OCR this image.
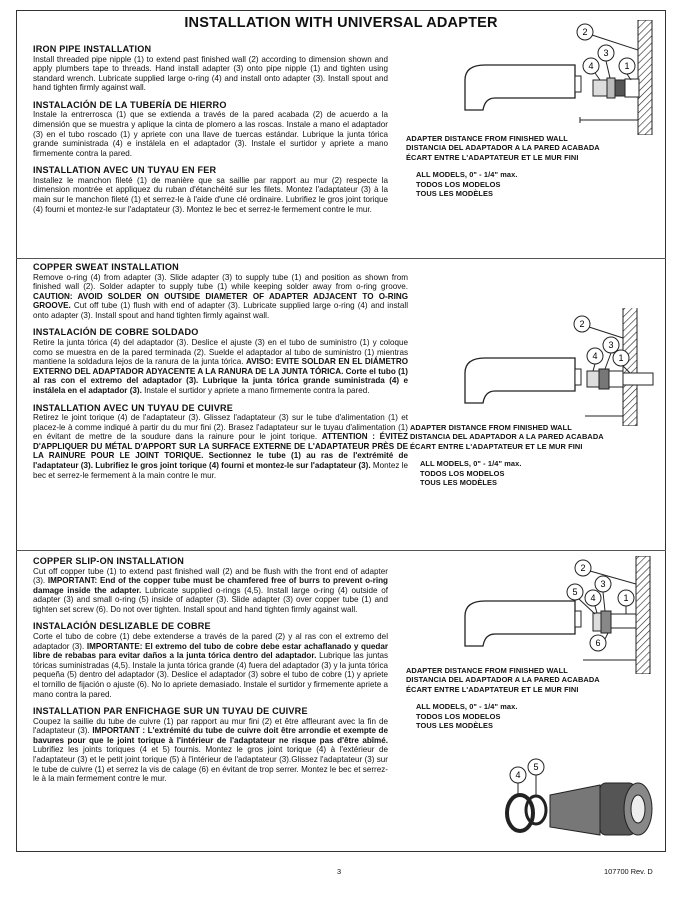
INSTALLATION WITH UNIVERSAL ADAPTER
IRON PIPE INSTALLATION

Install threaded pipe nipple (1) to extend past finished wall (2) according to dimension shown and apply plumbers tape to threads. Hand install adapter (3) onto pipe nipple (1) and tighten using standard wrench. Lubricate supplied large o-ring (4) and install onto adapter (3). Install spout and hand tighten firmly against wall.

INSTALACIÓN DE LA TUBERÍA DE HIERRO

Instale la entrerrosca (1) que se extienda a través de la pared acabada (2) de acuerdo a la dimensión que se muestra y aplique la cinta de plomero a las roscas. Instale a mano el adaptador (3) en el tubo roscado (1) y apriete con una llave de tuercas estándar. Lubrique la junta tórica grande suministrada (4) e instálela en el adaptador (3). Instale el surtidor y apriete a mano firmemente contra la pared.

INSTALLATION AVEC UN TUYAU EN FER

Installez le manchon fileté (1) de manière que sa saillie par rapport au mur (2) respecte la dimension montrée et appliquez du ruban d'étanchéité sur les filets. Montez l'adaptateur (3) à la main sur le manchon fileté (1) et serrez-le à l'aide d'une clé ordinaire. Lubrifiez le gros joint torique (4) fourni et montez-le sur l'adaptateur (3). Montez le bec et serrez-le fermement contre le mur.

COPPER SWEAT INSTALLATION

Remove o-ring (4) from adapter (3). Slide adapter (3) to supply tube (1) and position as shown from finished wall (2). Solder adapter to supply tube (1) while keeping solder away from o-ring groove. CAUTION: AVOID SOLDER ON OUTSIDE DIAMETER OF ADAPTER ADJACENT TO O-RING GROOVE. Cut off tube (1) flush with end of adapter (3). Lubricate supplied large o-ring (4) and install onto adapter (3). Install spout and hand tighten firmly against wall.

INSTALACIÓN DE COBRE SOLDADO

Retire la junta tórica (4) del adaptador (3). Deslice el ajuste (3) en el tubo de suministro (1) y coloque como se muestra en de la pared terminada (2). Suelde el adaptador al tubo de suministro (1) mientras mantiene la soldadura lejos de la ranura de la junta tórica. AVISO: EVITE SOLDAR EN EL DIÁMETRO EXTERNO DEL ADAPTADOR ADYACENTE A LA RANURA DE LA JUNTA TÓRICA. Corte el tubo (1) al ras con el extremo del adaptador (3). Lubrique la junta tórica grande suministrada (4) e instálela en el adaptador (3). Instale el surtidor y apriete a mano firmemente contra la pared.

INSTALLATION AVEC UN TUYAU DE CUIVRE

Retirez le joint torique (4) de l'adaptateur (3). Glissez l'adaptateur (3) sur le tube d'alimentation (1) et placez-le à comme indiqué à partir du du mur fini (2). Brasez l'adaptateur sur le tuyau d'alimentation (1) en évitant de mettre de la soudure dans la rainure pour le joint torique. ATTENTION : ÉVITEZ D'APPLIQUER DU MÉTAL D'APPORT SUR LA SURFACE EXTERNE DE L'ADAPTATEUR PRÈS DE LA RAINURE POUR LE JOINT TORIQUE. Sectionnez le tube (1) au ras de l'extrémité de l'adaptateur (3). Lubrifiez le gros joint torique (4) fourni et montez-le sur l'adaptateur (3). Montez le bec et serrez-le fermement à la main contre le mur.

COPPER SLIP-ON INSTALLATION

Cut off copper tube (1) to extend past finished wall (2) and be flush with the front end of adapter (3). IMPORTANT: End of the copper tube must be chamfered free of burrs to prevent o-ring damage inside the adapter. Lubricate supplied o-rings (4,5). Install large o-ring (4) outside of adapter (3) and small o-ring (5) inside of adapter (3). Slide adapter (3) over copper tube (1) and tighten set screw (6). Do not over tighten. Install spout and hand tighten firmly against wall.

INSTALACIÓN DESLIZABLE DE COBRE

Corte el tubo de cobre (1) debe extenderse a través de la pared (2) y al ras con el extremo del adaptador (3). IMPORTANTE: El extremo del tubo de cobre debe estar achaflanado y quedar libre de rebabas para evitar daños a la junta tórica dentro del adaptador. Lubrique las juntas tóricas suministradas (4,5). Instale la junta tórica grande (4) fuera del adaptador (3) y la junta tórica pequeña (5) dentro del adaptador (3). Deslice el adaptador (3) sobre el tubo de cobre (1) y apriete el tornillo de fijación o ajuste (6). No lo apriete demasiado. Instale el surtidor y firmemente apriete a mano contra la pared.

INSTALLATION PAR ENFICHAGE SUR UN TUYAU DE CUIVRE

Coupez la saillie du tube de cuivre (1) par rapport au mur fini (2) et être affleurant avec la fin de l'adaptateur (3). IMPORTANT : L'extrémité du tube de cuivre doit être arrondie et exempte de bavures pour que le joint torique à l'intérieur de l'adaptateur ne risque pas d'être abîmé. Lubrifiez les joints toriques (4 et 5) fournis. Montez le gros joint torique (4) à l'extérieur de l'adaptateur (3) et le petit joint torique (5) à l'intérieur de l'adaptateur (3).Glissez l'adaptateur (3) sur le tube de cuivre (1) et serrez la vis de calage (6) en évitant de trop serrer. Montez le bec et serrez-le à la main fermement contre le mur.

2
3
4	1
ADAPTER DISTANCE FROM FINISHED WALL
DISTANCIA DEL ADAPTADOR A LA PARED ACABADA
ÉCART ENTRE L'ADAPTATEUR ET LE MUR FINI
ALL MODELS, 0" - 1/4" max.
TODOS LOS MODELOS
TOUS LES MODÈLES
2
3
4 1
ADAPTER DISTANCE FROM FINISHED WALL
DISTANCIA DEL ADAPTADOR A LA PARED ACABADA
ÉCART ENTRE L'ADAPTATEUR ET LE MUR FINI
ALL MODELS, 0" - 1/4" max.
TODOS LOS MODELOS
TOUS LES MODÈLES
2
5
3
4	1
6
ADAPTER DISTANCE FROM FINISHED WALL
DISTANCIA DEL ADAPTADOR A LA PARED ACABADA
ÉCART ENTRE L'ADAPTATEUR ET LE MUR FINI
ALL MODELS, 0" - 1/4" max.
TODOS LOS MODELOS
TOUS LES MODÈLES
4
5
3	107700 Rev. D
